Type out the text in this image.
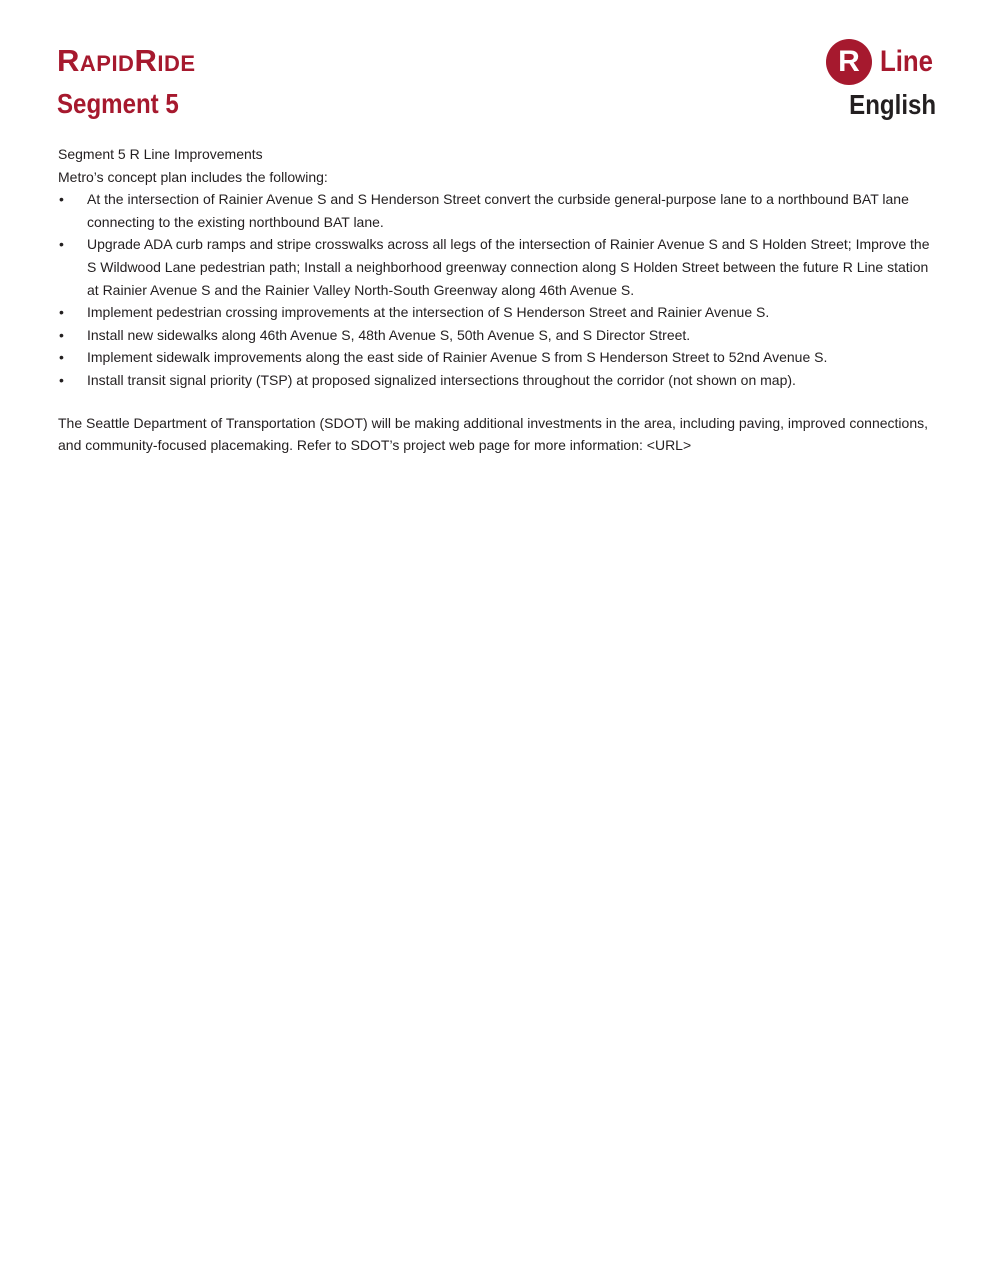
RapidRide
Segment 5
R Line
English

Segment 5 R Line Improvements

Metro’s concept plan includes the following:

• At the intersection of Rainier Avenue S and S Henderson Street convert the curbside general-purpose lane to a northbound BAT lane connecting to the existing northbound BAT lane.
• Upgrade ADA curb ramps and stripe crosswalks across all legs of the intersection of Rainier Avenue S and S Holden Street; Improve the S Wildwood Lane pedestrian path; Install a neighborhood greenway connection along S Holden Street between the future R Line station at Rainier Avenue S and the Rainier Valley North-South Greenway along 46th Avenue S.
• Implement pedestrian crossing improvements at the intersection of S Henderson Street and Rainier Avenue S.
• Install new sidewalks along 46th Avenue S, 48th Avenue S, 50th Avenue S, and S Director Street.
• Implement sidewalk improvements along the east side of Rainier Avenue S from S Henderson Street to 52nd Avenue S.
• Install transit signal priority (TSP) at proposed signalized intersections throughout the corridor (not shown on map).

The Seattle Department of Transportation (SDOT) will be making additional investments in the area, including paving, improved connections, and community-focused placemaking. Refer to SDOT’s project web page for more information: <URL>
